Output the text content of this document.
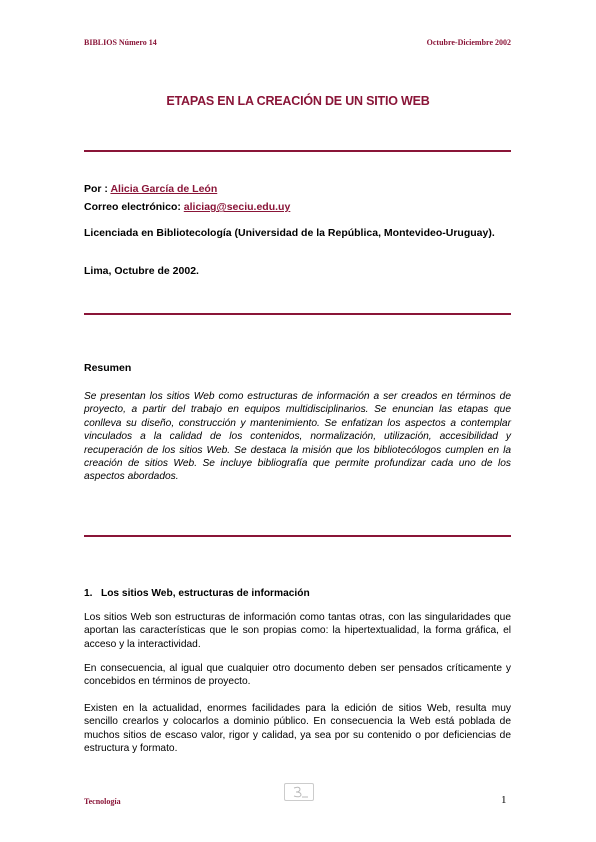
BIBLIOS Número 14	Octubre-Diciembre 2002
ETAPAS EN LA CREACIÓN DE UN SITIO WEB
Por : Alicia García de León
Correo electrónico: aliciag@seciu.edu.uy
Licenciada en Bibliotecología (Universidad de la República, Montevideo-Uruguay).
Lima, Octubre de 2002.
Resumen
Se presentan los sitios Web como estructuras de información a ser creados en términos de proyecto, a partir del trabajo en equipos multidisciplinarios. Se enuncian las etapas que conlleva su diseño, construcción y mantenimiento. Se enfatizan los aspectos a contemplar vinculados a la calidad de los contenidos, normalización, utilización, accesibilidad y recuperación de los sitios Web. Se destaca la misión que los bibliotecólogos cumplen en la creación de sitios Web. Se incluye bibliografía que permite profundizar cada uno de los aspectos abordados.
1.   Los sitios Web, estructuras de información
Los sitios Web son estructuras de información como tantas otras, con las singularidades que aportan las características que le son propias como: la hipertextualidad, la forma gráfica, el acceso y la interactividad.
En consecuencia, al igual que cualquier otro documento deben ser pensados críticamente y concebidos en términos de proyecto.
Existen en la actualidad, enormes facilidades para la edición de sitios Web, resulta muy sencillo crearlos y colocarlos a dominio público. En consecuencia la Web está poblada de muchos sitios de escaso valor, rigor y calidad, ya sea por su contenido o por deficiencias de estructura y formato.
Tecnología	1
